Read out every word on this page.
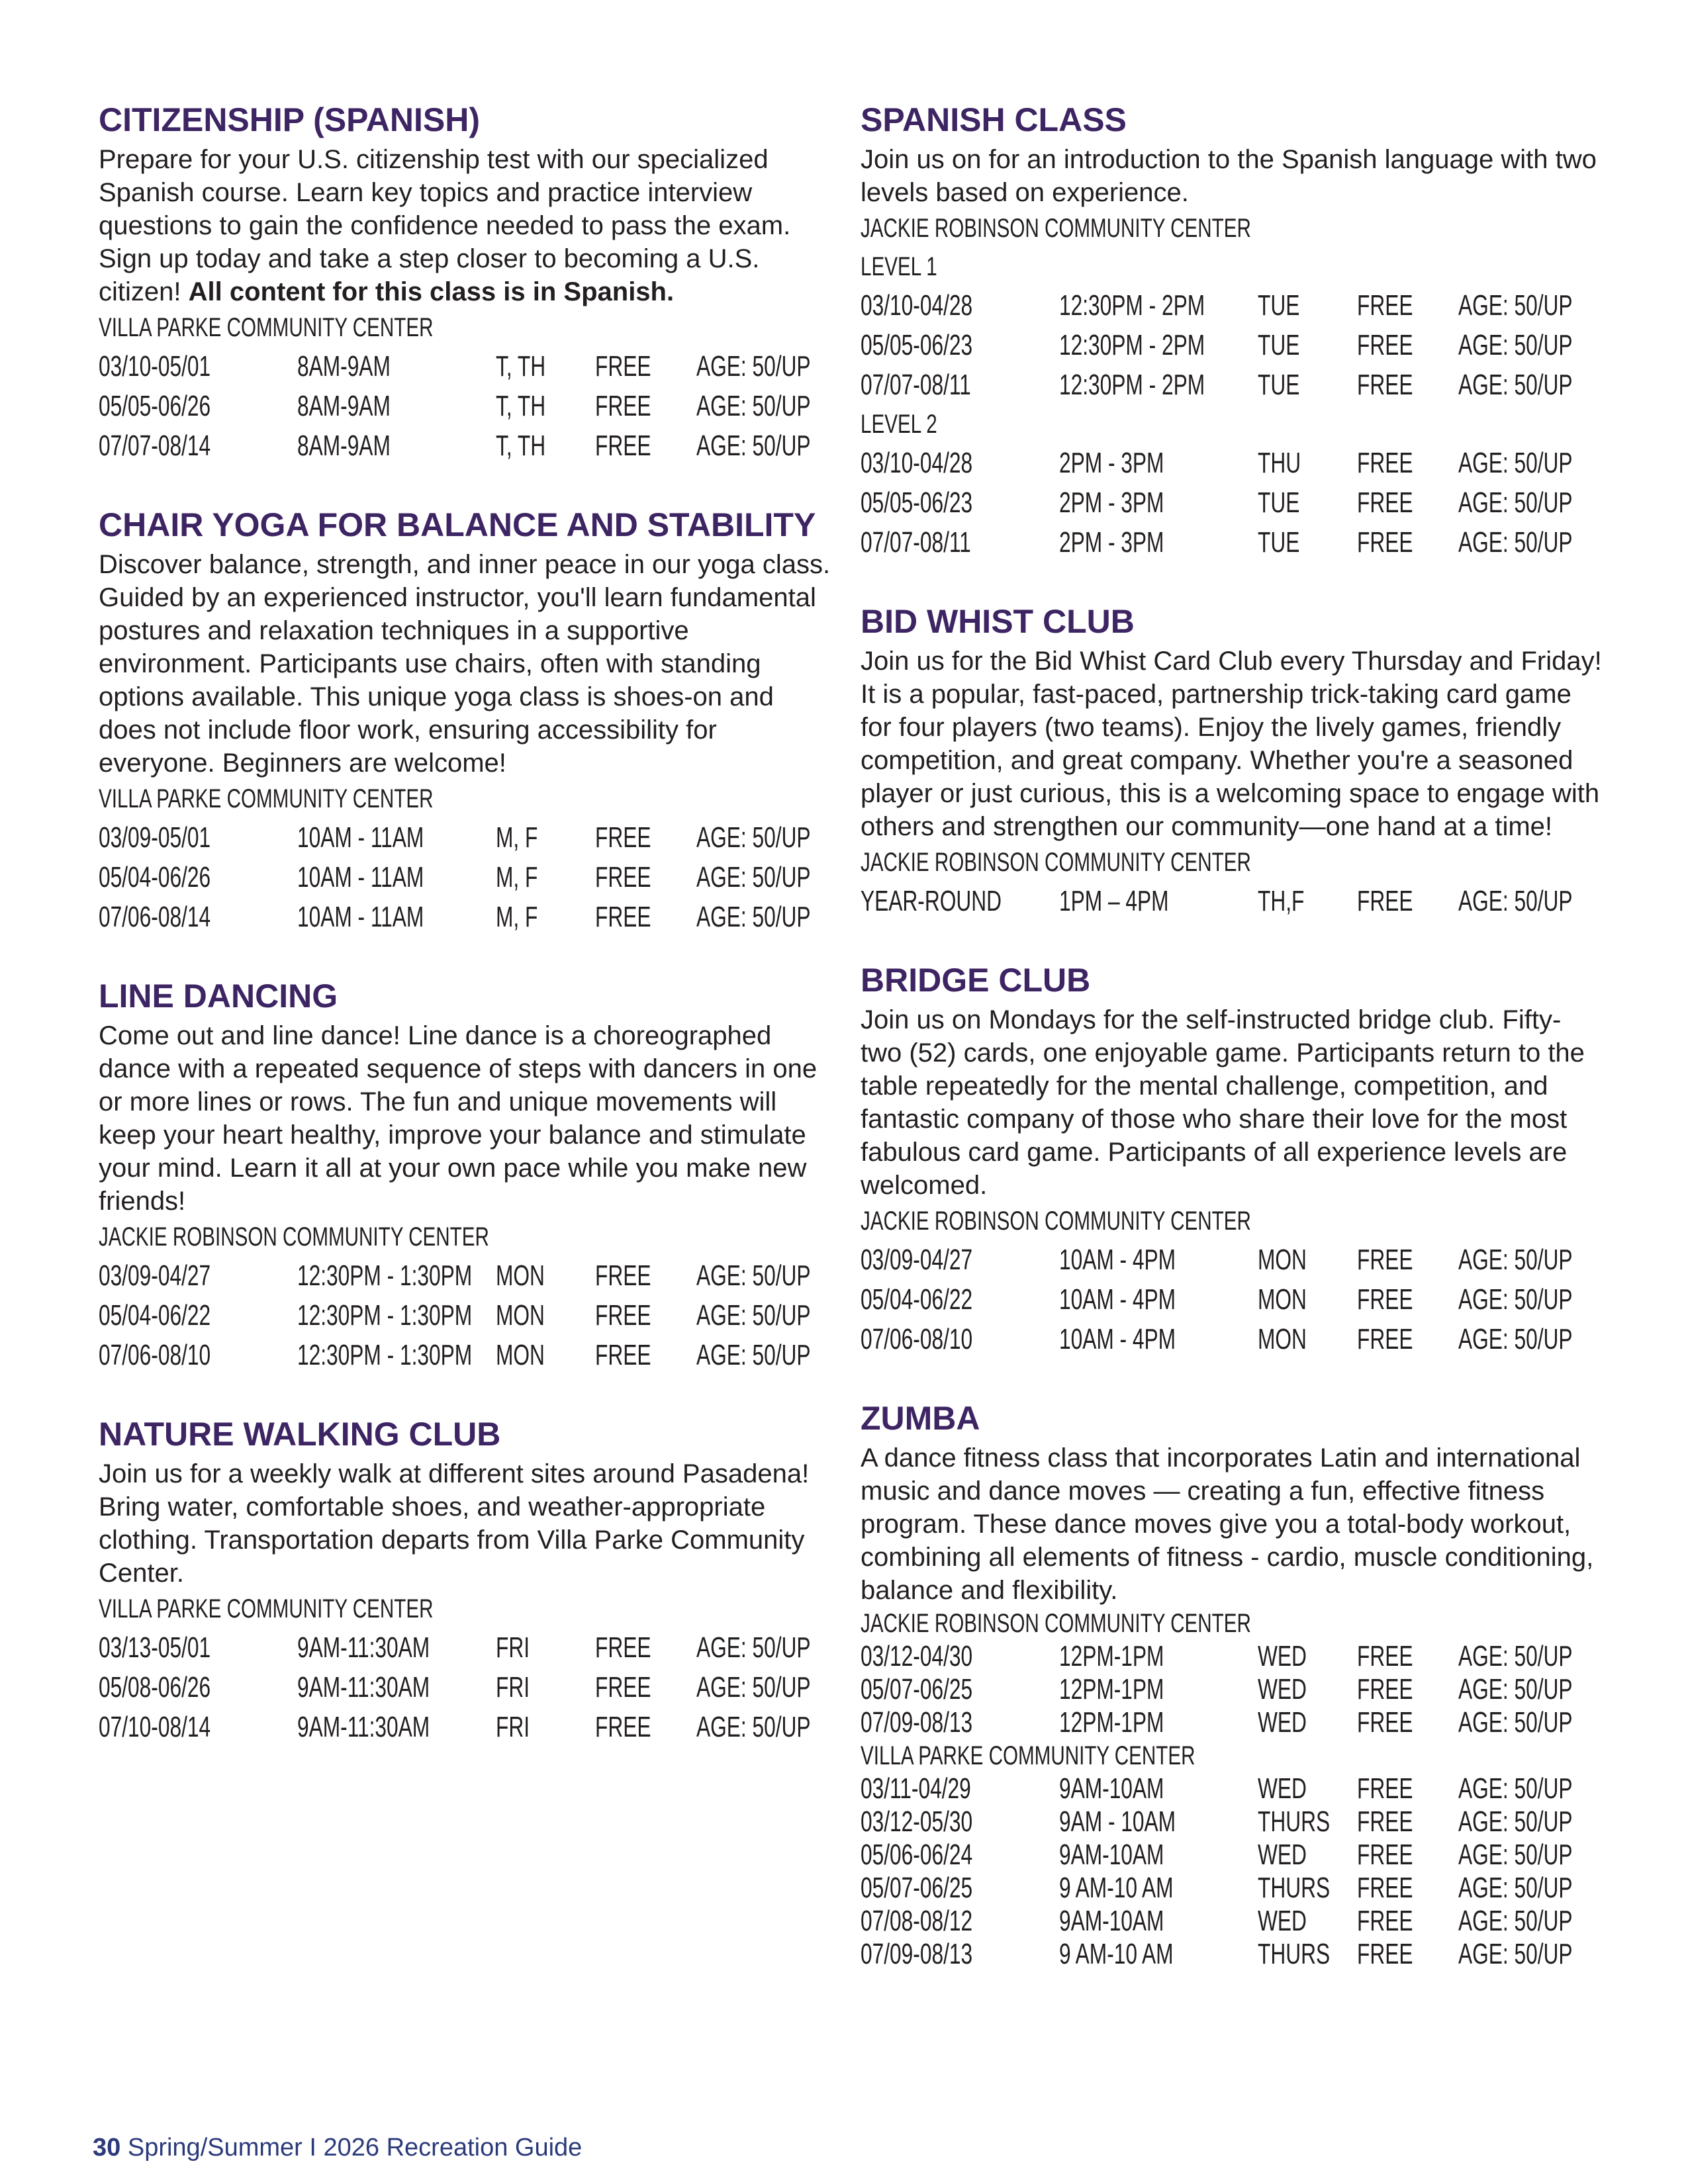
CITIZENSHIP (SPANISH)

Prepare for your U.S. citizenship test with our specialized Spanish course. Learn key topics and practice interview questions to gain the confidence needed to pass the exam. Sign up today and take a step closer to becoming a U.S. citizen! All content for this class is in Spanish.

VILLA PARKE COMMUNITY CENTER
03/10-05/01	8AM-9AM	T, TH FREE AGE: 50/UP
05/05-06/26	8AM-9AM	T, TH FREE AGE: 50/UP
07/07-08/14	8AM-9AM	T, TH FREE AGE: 50/UP
CHAIR YOGA FOR BALANCE AND STABILITY

Discover balance, strength, and inner peace in our yoga class. Guided by an experienced instructor, you'll learn fundamental postures and relaxation techniques in a supportive environment. Participants use chairs, often with standing options available. This unique yoga class is shoes-on and does not include floor work, ensuring accessibility for everyone. Beginners are welcome!

VILLA PARKE COMMUNITY CENTER
03/09-05/01	10AM - 11AM M, F FREE AGE: 50/UP
05/04-06/26	10AM - 11AM M, F FREE AGE: 50/UP
07/06-08/14	10AM - 11AM M, F FREE AGE: 50/UP
LINE DANCING

Come out and line dance! Line dance is a choreographed dance with a repeated sequence of steps with dancers in one or more lines or rows. The fun and unique movements will keep your heart healthy, improve your balance and stimulate your mind. Learn it all at your own pace while you make new friends!

JACKIE ROBINSON COMMUNITY CENTER
03/09-04/27	12:30PM - 1:30PM MON FREE AGE: 50/UP
05/04-06/22	12:30PM - 1:30PM MON FREE AGE: 50/UP
07/06-08/10	12:30PM - 1:30PM MON FREE AGE: 50/UP
NATURE WALKING CLUB

Join us for a weekly walk at different sites around Pasadena! Bring water, comfortable shoes, and weather-appropriate clothing. Transportation departs from Villa Parke Community Center.

VILLA PARKE COMMUNITY CENTER
03/13-05/01	9AM-11:30AM FRI FREE AGE: 50/UP
05/08-06/26	9AM-11:30AM FRI FREE AGE: 50/UP
07/10-08/14	9AM-11:30AM FRI FREE AGE: 50/UP
SPANISH CLASS

Join us on for an introduction to the Spanish language with two levels based on experience.

JACKIE ROBINSON COMMUNITY CENTER
LEVEL 1
03/10-04/28	12:30PM - 2PM TUE FREE AGE: 50/UP
05/05-06/23	12:30PM - 2PM TUE FREE AGE: 50/UP
07/07-08/11	12:30PM - 2PM TUE FREE AGE: 50/UP
LEVEL 2
03/10-04/28	2PM - 3PM	THU FREE AGE: 50/UP
05/05-06/23	2PM - 3PM	TUE FREE AGE: 50/UP
07/07-08/11	2PM - 3PM	TUE FREE AGE: 50/UP
BID WHIST CLUB

Join us for the Bid Whist Card Club every Thursday and Friday! It is a popular, fast-paced, partnership trick-taking card game for four players (two teams). Enjoy the lively games, friendly competition, and great company. Whether you're a seasoned player or just curious, this is a welcoming space to engage with others and strengthen our community—one hand at a time!

JACKIE ROBINSON COMMUNITY CENTER
YEAR-ROUND 1PM – 4PM	TH,F FREE AGE: 50/UP
BRIDGE CLUB

Join us on Mondays for the self-instructed bridge club. Fifty-two (52) cards, one enjoyable game. Participants return to the table repeatedly for the mental challenge, competition, and fantastic company of those who share their love for the most fabulous card game. Participants of all experience levels are welcomed.

JACKIE ROBINSON COMMUNITY CENTER
03/09-04/27	10AM - 4PM	MON FREE AGE: 50/UP
05/04-06/22	10AM - 4PM	MON FREE AGE: 50/UP
07/06-08/10	10AM - 4PM	MON FREE AGE: 50/UP
ZUMBA

A dance fitness class that incorporates Latin and international music and dance moves — creating a fun, effective fitness program. These dance moves give you a total-body workout, combining all elements of fitness - cardio, muscle conditioning, balance and flexibility.

JACKIE ROBINSON COMMUNITY CENTER
03/12-04/30	12PM-1PM	WED FREE AGE: 50/UP
05/07-06/25	12PM-1PM	WED FREE AGE: 50/UP
07/09-08/13	12PM-1PM	WED FREE AGE: 50/UP
VILLA PARKE COMMUNITY CENTER
03/11-04/29	9AM-10AM	WED FREE AGE: 50/UP
03/12-05/30	9AM - 10AM	THURS FREE AGE: 50/UP
05/06-06/24	9AM-10AM	WED FREE AGE: 50/UP
05/07-06/25	9 AM-10 AM	THURS FREE AGE: 50/UP
07/08-08/12	9AM-10AM	WED FREE AGE: 50/UP
07/09-08/13	9 AM-10 AM	THURS FREE AGE: 50/UP
30 Spring/Summer I 2026 Recreation Guide
